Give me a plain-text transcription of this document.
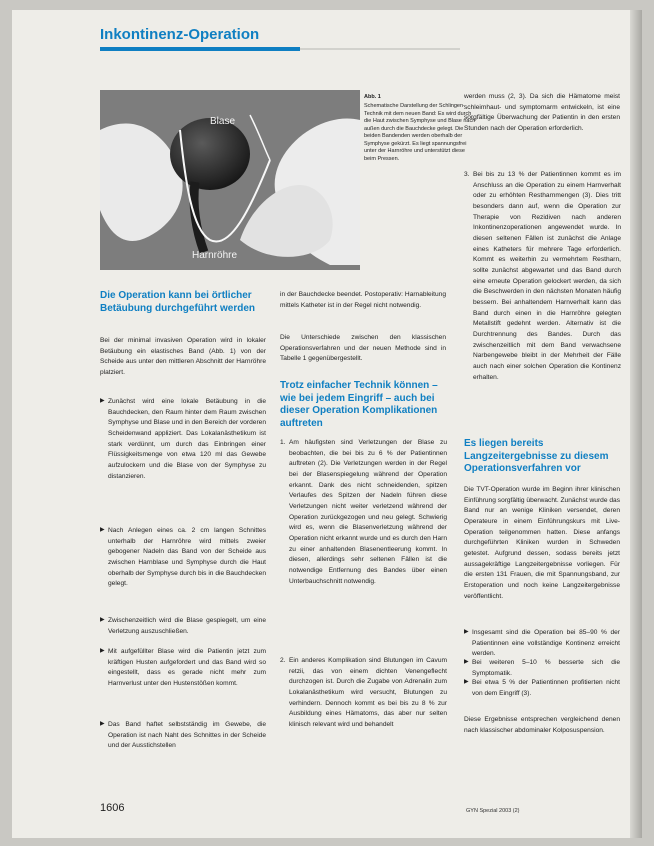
Inkontinenz-Operation
Blase
Harnröhre
Abb. 1
Schematische Darstellung der Schlingen-Technik mit dem neuen Band: Es wird durch die Haut zwischen Symphyse und Blase nach außen durch die Bauchdecke gelegt. Die beiden Bandenden werden oberhalb der Symphyse gekürzt. Es liegt spannungsfrei unter der Harnröhre und unterstützt diese beim Pressen.
Die Operation kann bei örtlicher Betäubung durchgeführt werden

Bei der minimal invasiven Operation wird in lokaler Betäubung ein elastisches Band (Abb. 1) von der Scheide aus unter den mittleren Abschnitt der Harnröhre platziert.

▶ Zunächst wird eine lokale Betäubung in die Bauchdecken, den Raum hinter dem Raum zwischen Symphyse und Blase und in den Bereich der vorderen Scheidenwand appliziert. Das Lokalanästhetikum ist stark verdünnt, um durch das Einbringen einer Flüssigkeitsmenge von etwa 120 ml das Gewebe aufzulockern und die Blase von der Symphyse zu distanzieren.

▶ Nach Anlegen eines ca. 2 cm langen Schnittes unterhalb der Harnröhre wird mittels zweier gebogener Nadeln das Band von der Scheide aus zwischen Harnblase und Symphyse durch die Haut oberhalb der Symphyse durch bis in die Bauchdecken gelegt.

▶ Zwischenzeitlich wird die Blase gespiegelt, um eine Verletzung auszuschließen.

▶ Mit aufgefüllter Blase wird die Patientin jetzt zum kräftigen Husten aufgefordert und das Band wird so eingestellt, dass es gerade nicht mehr zum Harnverlust unter den Hustenstößen kommt.

▶ Das Band haftet selbstständig im Gewebe, die Operation ist nach Naht des Schnittes in der Scheide und der Ausstichstellen

1606

in der Bauchdecke beendet. Postoperativ: Harnableitung mittels Katheter ist in der Regel nicht notwendig.

Die Unterschiede zwischen den klassischen Operationsverfahren und der neuen Methode sind in Tabelle 1 gegenübergestellt.

Trotz einfacher Technik können – wie bei jedem Eingriff – auch bei dieser Operation Komplikationen auftreten

1. Am häufigsten sind Verletzungen der Blase zu beobachten, die bei bis zu 6 % der Patientinnen auftreten (2). Die Verletzungen werden in der Regel bei der Blasenspiegelung während der Operation erkannt. Dank des nicht schneidenden, spitzen Verlaufes des Spitzen der Nadeln führen diese Verletzungen nicht weiter verletzend während der Operation zurückgezogen und neu gelegt. Schwierig wird es, wenn die Blasenverletzung während der Operation nicht erkannt wurde und es durch den Harn zu einer anhaltenden Blasenentleerung kommt. In diesen, allerdings sehr seltenen Fällen ist die notwendige Entfernung des Bandes über einen Unterbauchschnitt notwendig.

2. Ein anderes Komplikation sind Blutungen im Cavum retzii, das von einem dichten Venengeflecht durchzogen ist. Durch die Zugabe von Adrenalin zum Lokalanästhetikum wird versucht, Blutungen zu verhindern. Dennoch kommt es bei bis zu 8 % zur Ausbildung eines Hämatoms, das aber nur selten klinisch relevant wird und behandelt

werden muss (2, 3). Da sich die Hämatome meist schleimhaut- und symptomarm entwickeln, ist eine sorgfältige Überwachung der Patientin in den ersten Stunden nach der Operation erforderlich.

3. Bei bis zu 13 % der Patientinnen kommt es im Anschluss an die Operation zu einem Harnverhalt oder zu erhöhten Restharnmengen (3). Dies tritt besonders dann auf, wenn die Operation zur Therapie von Rezidiven nach anderen Inkontinenzoperationen angewendet wurde. In diesen seltenen Fällen ist zunächst die Anlage eines Katheters für mehrere Tage erforderlich. Kommt es weiterhin zu vermehrtem Restharn, sollte zunächst abgewartet und das Band durch eine erneute Operation gelockert werden, da sich die Beschwerden in den nächsten Monaten häufig bessern. Bei anhaltendem Harnverhalt kann das Band durch einen in die Harnröhre gelegten Metallstift gedehnt werden. Alternativ ist die Durchtrennung des Bandes. Durch das zwischenzeitlich mit dem Band verwachsene Narbengewebe bleibt in der Mehrheit der Fälle auch nach einer solchen Operation die Kontinenz erhalten.

Es liegen bereits Langzeitergebnisse zu diesem Operationsverfahren vor

Die TVT-Operation wurde im Beginn ihrer klinischen Einführung sorgfältig überwacht. Zunächst wurde das Band nur an wenige Kliniken versendet, deren Operateure in einem Einführungskurs mit Live-Operation teilgenommen hatten. Diese anfangs durchgeführten Kliniken wurden in Schweden getestet. Aufgrund dessen, sodass bereits jetzt aussagekräftige Langzeitergebnisse vorliegen. Für die ersten 131 Frauen, die mit Spannungsband, zur Erstoperation und noch keine Langzeitergebnisse veröffentlicht.

▶ Insgesamt sind die Operation bei 85–90 % der Patientinnen eine vollständige Kontinenz erreicht werden.

▶ Bei weiteren 5–10 % besserte sich die Symptomatik.

▶ Bei etwa 5 % der Patientinnen profitierten nicht von dem Eingriff (3).

Diese Ergebnisse entsprechen vergleichend denen nach klassischer abdominaler Kolposuspension.

GYN Spezial 2003 (2)
